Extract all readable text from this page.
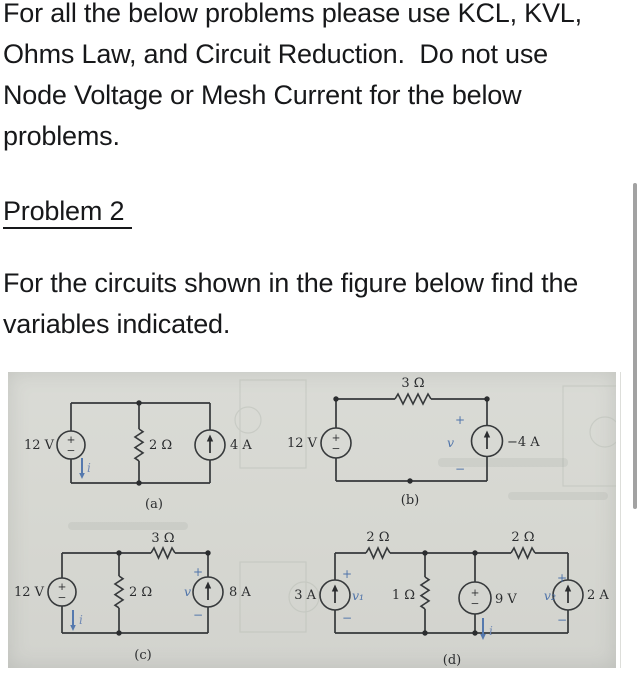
For all the below problems please use KCL, KVL,
Ohms Law, and Circuit Reduction.  Do not use
Node Voltage or Mesh Current for the below
problems.
Problem 2
For the circuits shown in the figure below find the
variables indicated.
+
−
12 V	2 Ω	4 A
i
(a)
+
−
12 V
3 Ω
−4 A
+
v
−
(b)
+
−
12 V	2 Ω
3 Ω
8 A
+
v
−
i
(c)
+
−
3 A
+
v₁
−
2 Ω
1 Ω	9 V
i
2 Ω
v₂
+
−
2 A
(d)
